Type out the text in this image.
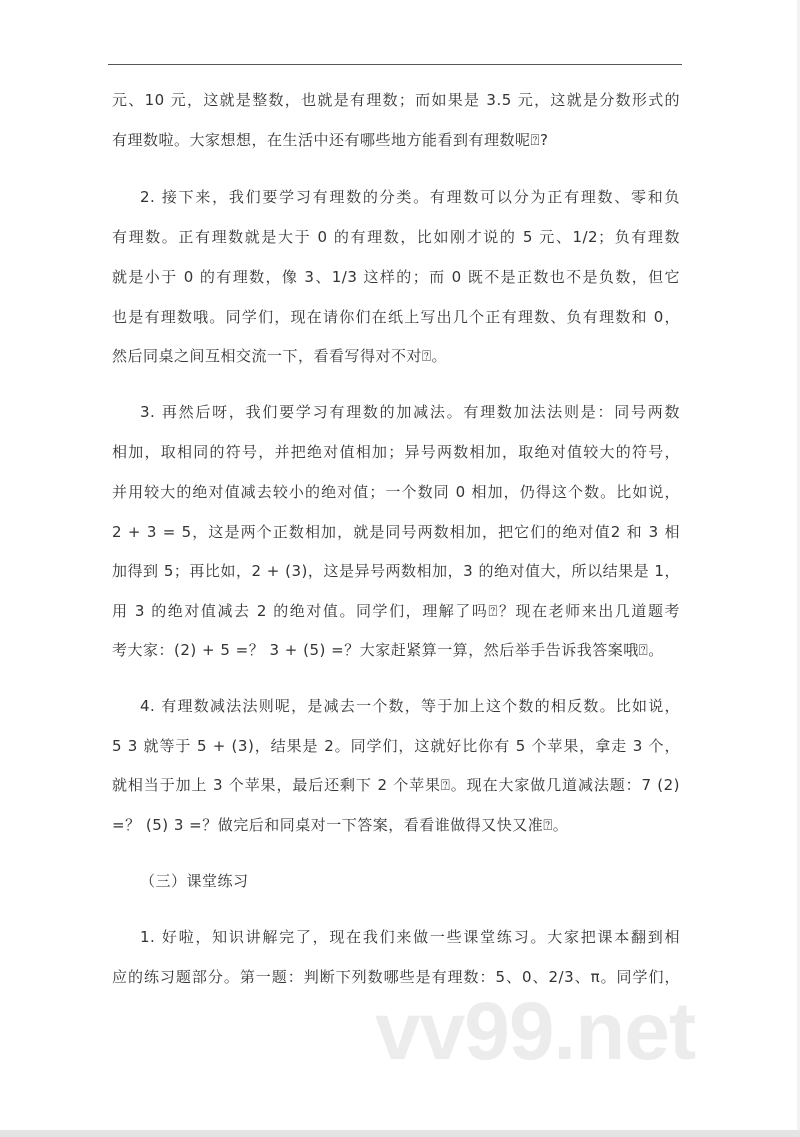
元、10 元，这就是整数，也就是有理数；而如果是 3.5 元，这就是分数形式的
有理数啦。大家想想，在生活中还有哪些地方能看到有理数呢⍰?
2. 接下来，我们要学习有理数的分类。有理数可以分为正有理数、零和负
有理数。正有理数就是大于 0 的有理数，比如刚才说的 5 元、1/2；负有理数
就是小于 0 的有理数，像 3、1/3 这样的；而 0 既不是正数也不是负数，但它
也是有理数哦。同学们，现在请你们在纸上写出几个正有理数、负有理数和 0，
然后同桌之间互相交流一下，看看写得对不对⍰。
3. 再然后呀，我们要学习有理数的加减法。有理数加法法则是：同号两数
相加，取相同的符号，并把绝对值相加；异号两数相加，取绝对值较大的符号，
并用较大的绝对值减去较小的绝对值；一个数同 0 相加，仍得这个数。比如说，
2 + 3 = 5，这是两个正数相加，就是同号两数相加，把它们的绝对值2 和 3 相
加得到 5；再比如，2 + (3)，这是异号两数相加，3 的绝对值大，所以结果是 1，
用 3 的绝对值减去 2 的绝对值。同学们，理解了吗⍰？现在老师来出几道题考
考大家：(2) + 5 =？ 3 + (5) =？大家赶紧算一算，然后举手告诉我答案哦⍰。
4. 有理数减法法则呢，是减去一个数，等于加上这个数的相反数。比如说，
5 3 就等于 5 + (3)，结果是 2。同学们，这就好比你有 5 个苹果，拿走 3 个，
就相当于加上 3 个苹果，最后还剩下 2 个苹果⍰。现在大家做几道减法题：7 (2)
=？ (5) 3 =？做完后和同桌对一下答案，看看谁做得又快又准⍰。
（三）课堂练习
1. 好啦，知识讲解完了，现在我们来做一些课堂练习。大家把课本翻到相
应的练习题部分。第一题：判断下列数哪些是有理数：5、0、2/3、π。同学们，
vv99.net
